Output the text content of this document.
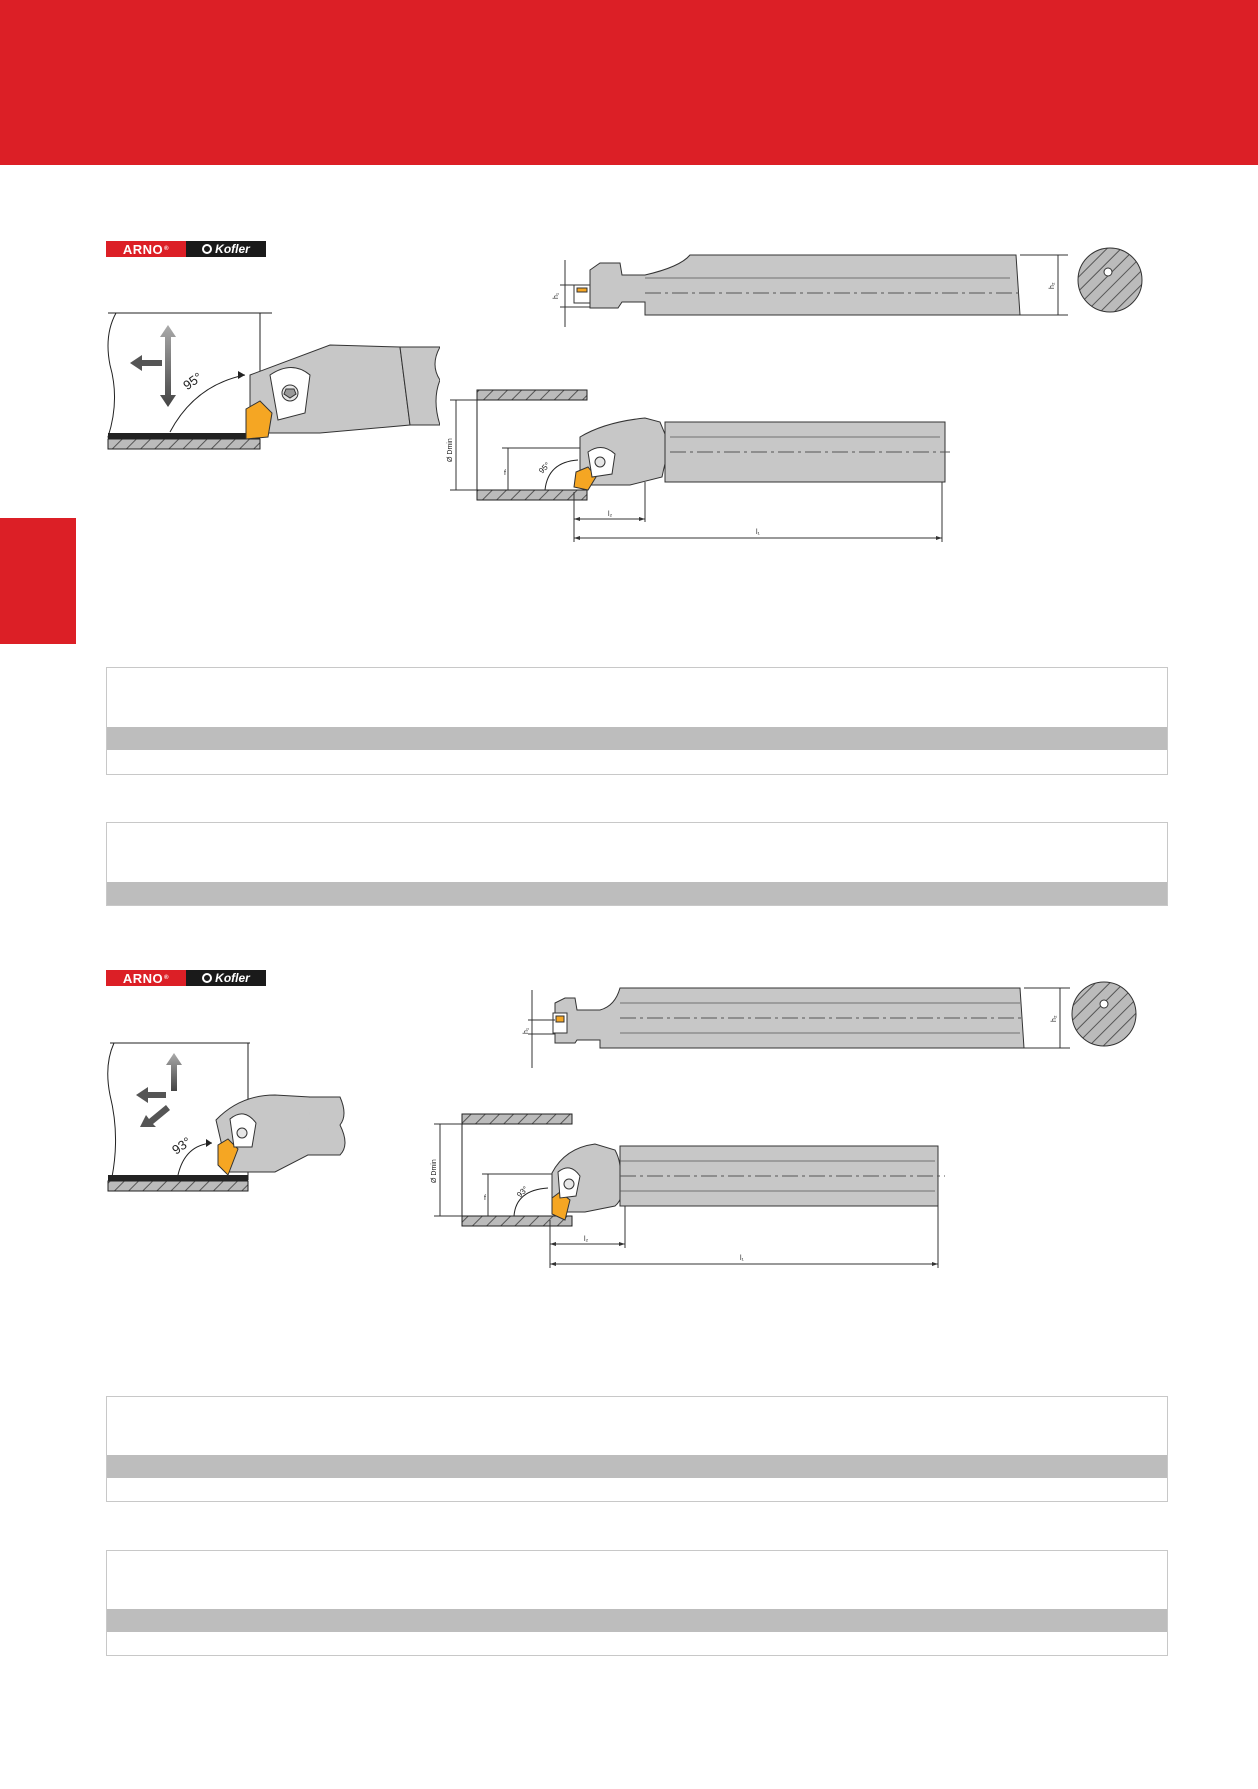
ARNO ®	Kofler
95°
h₁
h₂
Ø Dmin
f	95°
l₂
l₁
ARNO ®	Kofler
93°
h₁
h₂
Ø Dmin
f	93°
l₂
l₁
